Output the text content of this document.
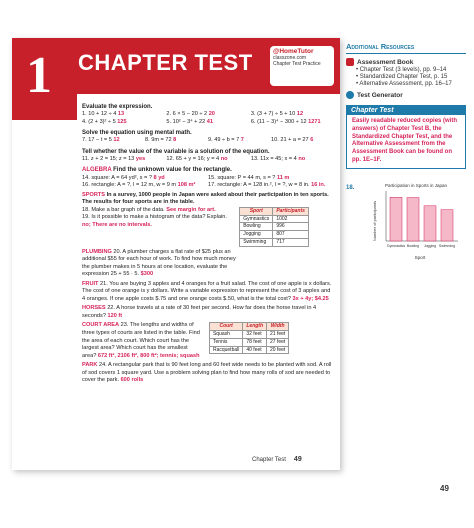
1 CHAPTER TEST	@HomeTutor
classzone.com
Chapter Test Practice
Evaluate the expression.
1. 10 + 12 ÷ 4 13	2. 6 × 5 − 20 ÷ 2 20	3. (3 + 7) ÷ 5 + 10 12
4. (2 + 3)² ÷ 5 125	5. 10² − 3⁴ + 22 41	6. (11 − 3)⁴ − 300 ÷ 12 1271
Solve the equation using mental math.
7. 17 − t = 5 12	8. 9m = 72 8	9. 49 ÷ b = 7 7	10. 21 + a = 27 6
Tell whether the value of the variable is a solution of the equation.
11. z + 2 = 15; z = 13 yes	12. 65 + y = 16; y = 4 no	13. 11x = 45; x = 4 no
ALGEBRA Find the unknown value for the rectangle.
14. square: A = 64 yd², s = ? 8 yd	15. square: P = 44 m, s = ? 11 m
16. rectangle: A = ?, l = 12 m, w = 9 m 108 m²	17. rectangle: A = 128 in.², l = ?, w = 8 in. 16 in.
SPORTS In a survey, 1000 people in Japan were asked about their participation in ten sports. The results for four sports are in the table.
18. Make a bar graph of the data. See margin for art.
19. Is it possible to make a histogram of the data? Explain. no; There are no intervals.
Sport	Participants
Gymnastics	1002
Bowling	996
Jogging	807
Swimming	717
PLUMBING 20. A plumber charges a flat rate of $25 plus an additional $55 for each hour of work. To find how much money the plumber makes in 5 hours at one location, evaluate the expression 25 + 55 · 5. $300
FRUIT 21. You are buying 3 apples and 4 oranges for a fruit salad. The cost of one apple is x dollars. The cost of one orange is y dollars. Write a variable expression to represent the cost of 3 apples and 4 oranges. If one apple costs $.75 and one orange costs $.50, what is the total cost? 3x + 4y; $4.25
HORSES 22. A horse travels at a rate of 30 feet per second. How far does the horse travel in 4 seconds? 120 ft
COURT AREA 23. The lengths and widths of three types of courts are listed in the table. Find the area of each court. Which court has the largest area? Which court has the smallest area? 672 ft², 2106 ft², 800 ft²; tennis; squash
Court	Length	Width
Squash	32 feet	21 feet
Tennis	78 feet	27 feet
Racquetball	40 feet	20 feet
PARK 24. A rectangular park that is 90 feet long and 60 feet wide needs to be planted with sod. A roll of sod covers 1 square yard. Use a problem solving plan to find how many rolls of sod are needed to cover the park. 600 rolls
Chapter Test 49
Additional Resources
Assessment Book
• Chapter Test (3 levels), pp. 9–14
• Standardized Chapter Test, p. 15
• Alternative Assessment, pp. 16–17
Test Generator
Chapter Test
Easily readable reduced copies (with answers) of Chapter Test B, the Standardized Chapter Test, and the Alternative Assessment from the Assessment Book can be found on pp. 1E–1F.
18.	Participation in Sports in Japan
Number of participants
Sport
Gymnastics Bowling Jogging Swimming
49
